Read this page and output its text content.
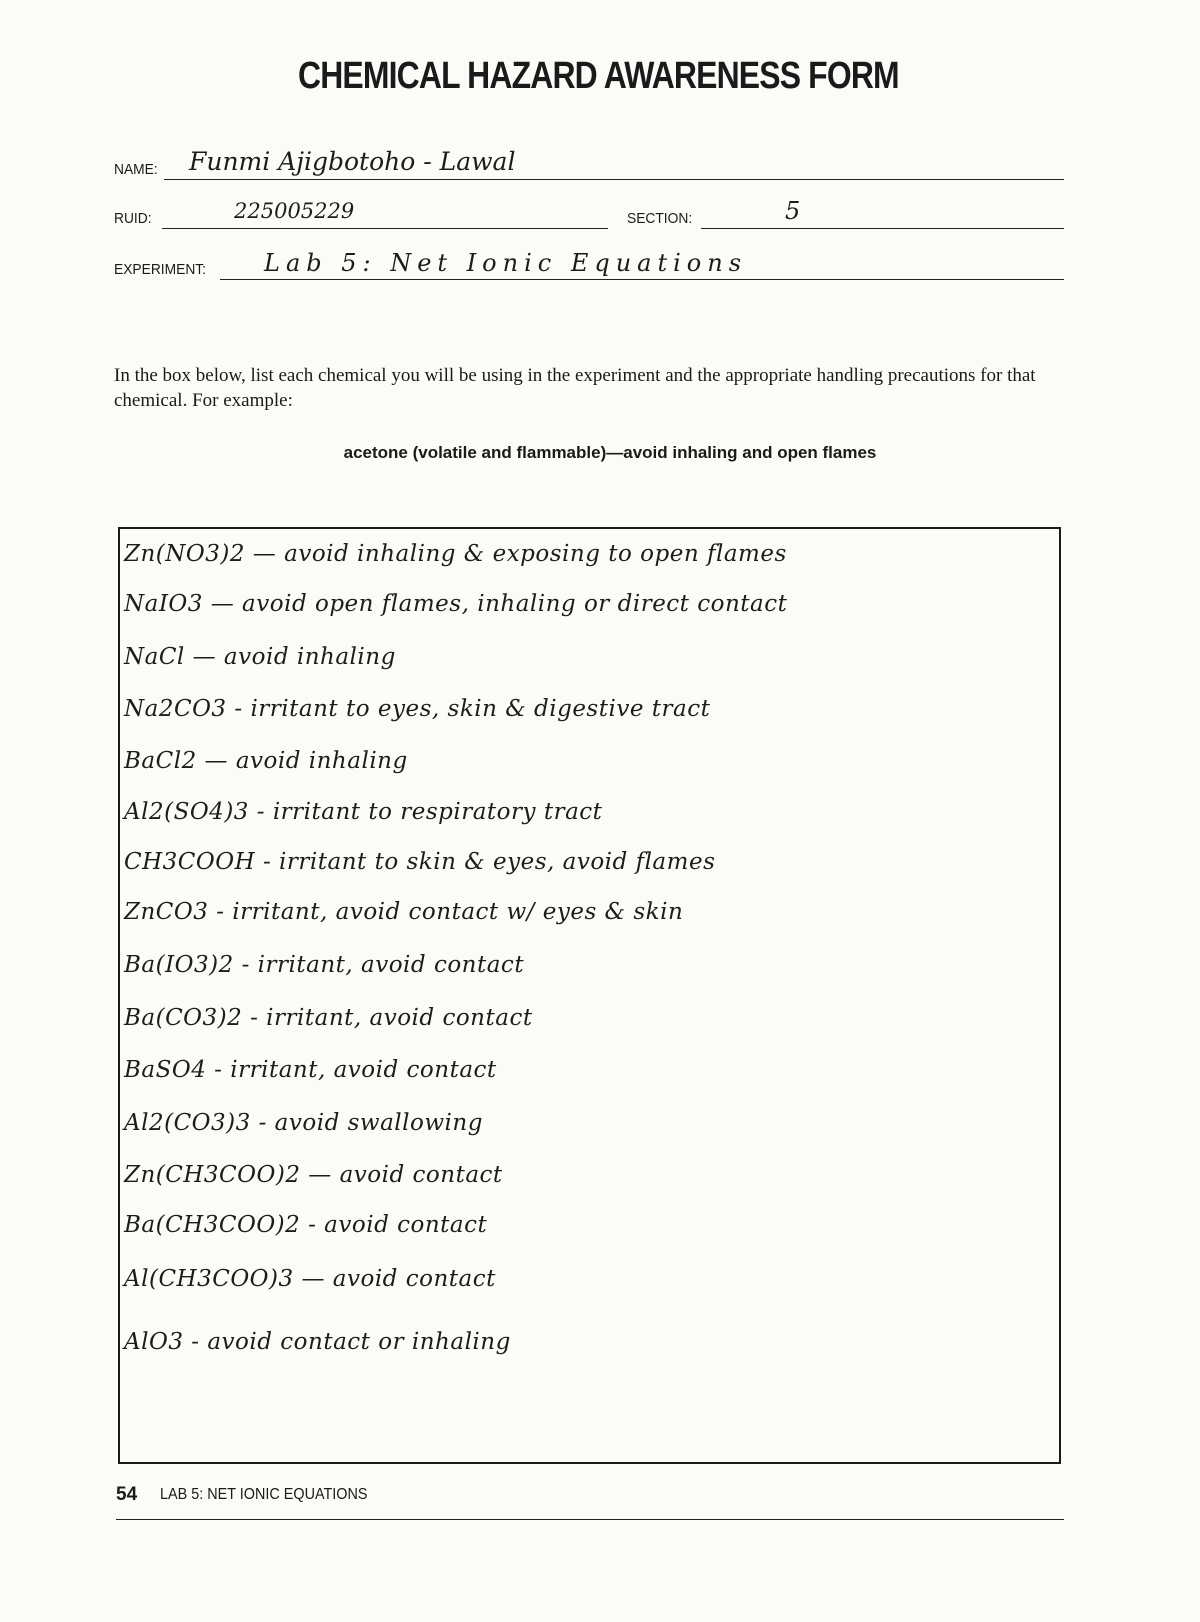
CHEMICAL HAZARD AWARENESS FORM
NAME: Funmi Ajigbotoho - Lawal
RUID:	225005229	SECTION:	5
EXPERIMENT: Lab 5: Net Ionic Equations
In the box below, list each chemical you will be using in the experiment and the appropriate handling precautions for that chemical. For example:
acetone (volatile and flammable)—avoid inhaling and open flames
Zn(NO3)2 — avoid inhaling & exposing to open flames
NaIO3 — avoid open flames, inhaling or direct contact
NaCl — avoid inhaling
Na2CO3 - irritant to eyes, skin & digestive tract
BaCl2 — avoid inhaling
Al2(SO4)3 - irritant to respiratory tract
CH3COOH - irritant to skin & eyes, avoid flames
ZnCO3 - irritant, avoid contact w/ eyes & skin
Ba(IO3)2 - irritant, avoid contact
Ba(CO3)2 - irritant, avoid contact
BaSO4 - irritant, avoid contact
Al2(CO3)3 - avoid swallowing
Zn(CH3COO)2 — avoid contact
Ba(CH3COO)2 - avoid contact
Al(CH3COO)3 — avoid contact
AlO3 - avoid contact or inhaling
54 LAB 5: NET IONIC EQUATIONS
